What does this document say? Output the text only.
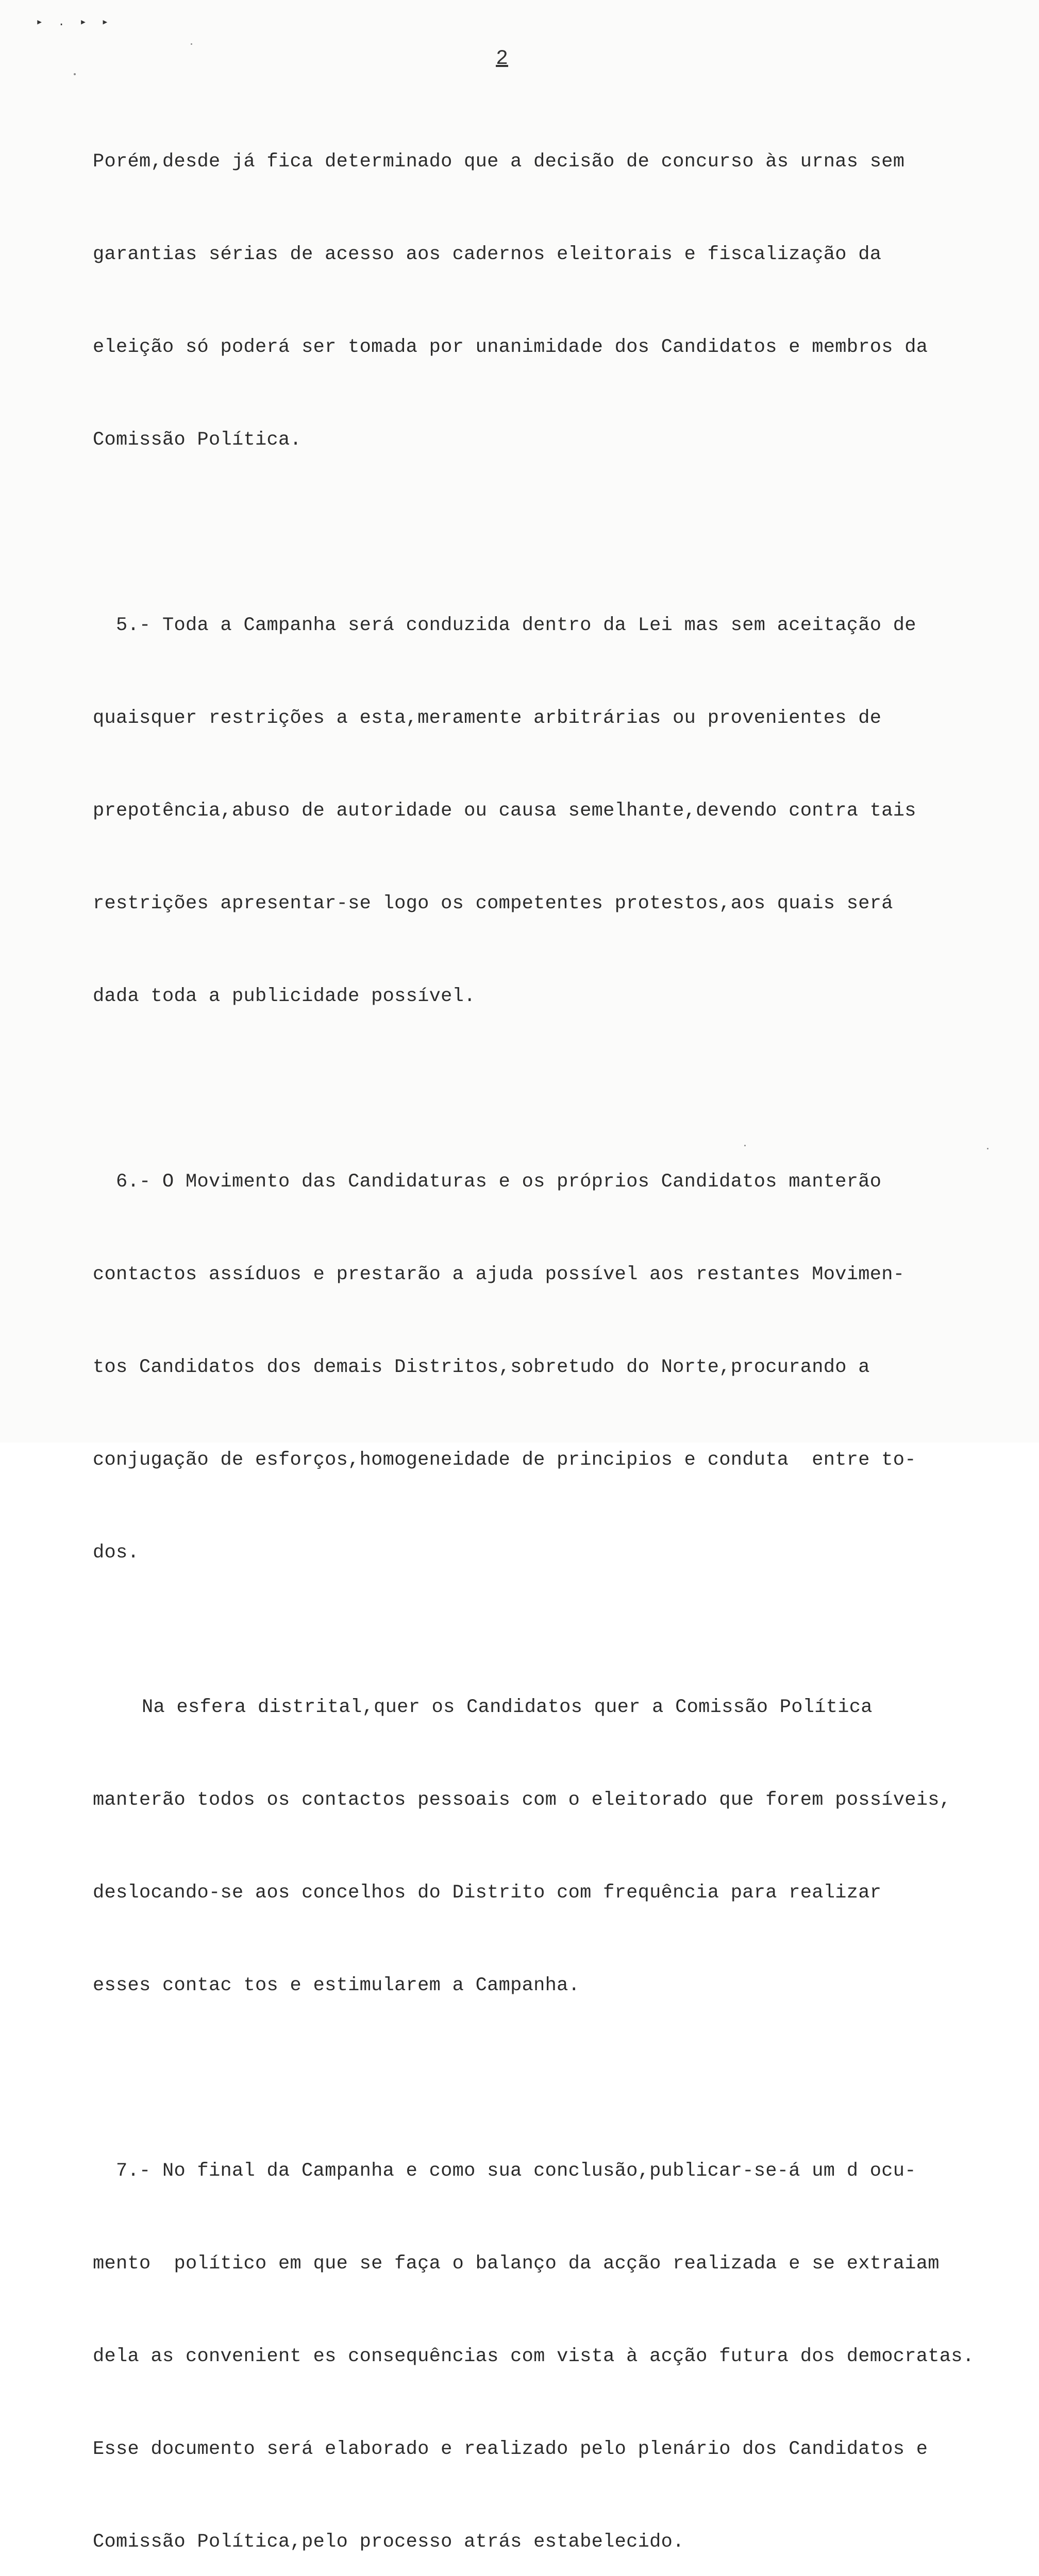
▸ . ▸ ▸
2

Porém,desde já fica determinado que a decisão de concurso às urnas sem

garantias sérias de acesso aos cadernos eleitorais e fiscalização da

eleição só poderá ser tomada por unanimidade dos Candidatos e membros da

Comissão Política.

5.- Toda a Campanha será conduzida dentro da Lei mas sem aceitação de

quaisquer restrições a esta,meramente arbitrárias ou provenientes de

prepotência,abuso de autoridade ou causa semelhante,devendo contra tais

restrições apresentar-se logo os competentes protestos,aos quais será

dada toda a publicidade possível.

6.- O Movimento das Candidaturas e os próprios Candidatos manterão

contactos assíduos e prestarão a ajuda possível aos restantes Movimen-

tos Candidatos dos demais Distritos,sobretudo do Norte,procurando a

conjugação de esforços,homogeneidade de principios e conduta  entre to-

dos.

Na esfera distrital,quer os Candidatos quer a Comissão Política

manterão todos os contactos pessoais com o eleitorado que forem possíveis,

deslocando-se aos concelhos do Distrito com frequência para realizar

esses contac tos e estimularem a Campanha.

7.- No final da Campanha e como sua conclusão,publicar-se-á um d ocu-

mento  político em que se faça o balanço da acção realizada e se extraiam

dela as convenient es consequências com vista à acção futura dos democratas.

Esse documento será elaborado e realizado pelo plenário dos Candidatos e

Comissão Política,pelo processo atrás estabelecido.
